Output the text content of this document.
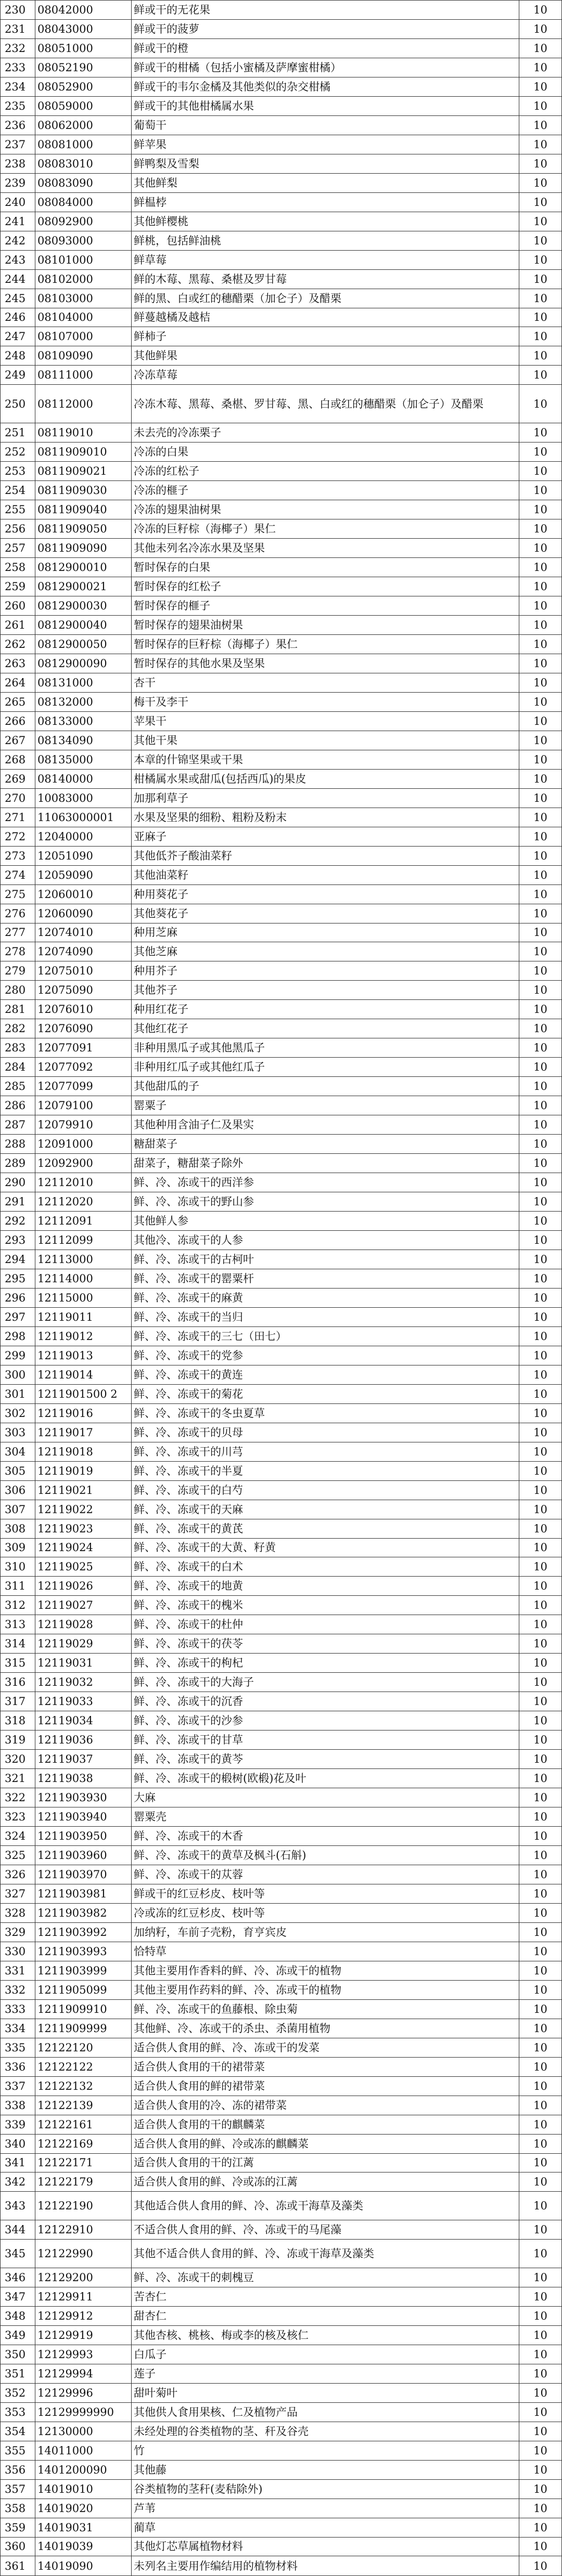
230	08042000	鲜或干的无花果	10
231	08043000	鲜或干的菠萝	10
232	08051000	鲜或干的橙	10
233	08052190	鲜或干的柑橘（包括小蜜橘及萨摩蜜柑橘）	10
234	08052900	鲜或干的韦尔金橘及其他类似的杂交柑橘	10
235	08059000	鲜或干的其他柑橘属水果	10
236	08062000	葡萄干	10
237	08081000	鲜苹果	10
238	08083010	鲜鸭梨及雪梨	10
239	08083090	其他鲜梨	10
240	08084000	鲜榅桲	10
241	08092900	其他鲜樱桃	10
242	08093000	鲜桃，包括鲜油桃	10
243	08101000	鲜草莓	10
244	08102000	鲜的木莓、黑莓、桑椹及罗甘莓	10
245	08103000	鲜的黑、白或红的穗醋栗（加仑子）及醋栗	10
246	08104000	鲜蔓越橘及越桔	10
247	08107000	鲜柿子	10
248	08109090	其他鲜果	10
249	08111000	冷冻草莓	10
250	08112000	冷冻木莓、黑莓、桑椹、罗甘莓、黑、白或红的穗醋栗（加仑子）及醋栗	10
251	08119010	未去壳的冷冻栗子	10
252	0811909010	冷冻的白果	10
253	0811909021	冷冻的红松子	10
254	0811909030	冷冻的榧子	10
255	0811909040	冷冻的翅果油树果	10
256	0811909050	冷冻的巨籽棕（海椰子）果仁	10
257	0811909090	其他未列名冷冻水果及坚果	10
258	0812900010	暂时保存的白果	10
259	0812900021	暂时保存的红松子	10
260	0812900030	暂时保存的榧子	10
261	0812900040	暂时保存的翅果油树果	10
262	0812900050	暂时保存的巨籽棕（海椰子）果仁	10
263	0812900090	暂时保存的其他水果及坚果	10
264	08131000	杏干	10
265	08132000	梅干及李干	10
266	08133000	苹果干	10
267	08134090	其他干果	10
268	08135000	本章的什锦坚果或干果	10
269	08140000	柑橘属水果或甜瓜(包括西瓜)的果皮	10
270	10083000	加那利草子	10
271	11063000001	水果及坚果的细粉、粗粉及粉末	10
272	12040000	亚麻子	10
273	12051090	其他低芥子酸油菜籽	10
274	12059090	其他油菜籽	10
275	12060010	种用葵花子	10
276	12060090	其他葵花子	10
277	12074010	种用芝麻	10
278	12074090	其他芝麻	10
279	12075010	种用芥子	10
280	12075090	其他芥子	10
281	12076010	种用红花子	10
282	12076090	其他红花子	10
283	12077091	非种用黑瓜子或其他黑瓜子	10
284	12077092	非种用红瓜子或其他红瓜子	10
285	12077099	其他甜瓜的子	10
286	12079100	罂粟子	10
287	12079910	其他种用含油子仁及果实	10
288	12091000	糖甜菜子	10
289	12092900	甜菜子，糖甜菜子除外	10
290	12112010	鲜、冷、冻或干的西洋参	10
291	12112020	鲜、冷、冻或干的野山参	10
292	12112091	其他鲜人参	10
293	12112099	其他冷、冻或干的人参	10
294	12113000	鲜、冷、冻或干的古柯叶	10
295	12114000	鲜、冷、冻或干的罂粟杆	10
296	12115000	鲜、冷、冻或干的麻黄	10
297	12119011	鲜、冷、冻或干的当归	10
298	12119012	鲜、冷、冻或干的三七（田七）	10
299	12119013	鲜、冷、冻或干的党参	10
300	12119014	鲜、冷、冻或干的黄连	10
301	1211901500 2	鲜、冷、冻或干的菊花	10
302	12119016	鲜、冷、冻或干的冬虫夏草	10
303	12119017	鲜、冷、冻或干的贝母	10
304	12119018	鲜、冷、冻或干的川芎	10
305	12119019	鲜、冷、冻或干的半夏	10
306	12119021	鲜、冷、冻或干的白芍	10
307	12119022	鲜、冷、冻或干的天麻	10
308	12119023	鲜、冷、冻或干的黄芪	10
309	12119024	鲜、冷、冻或干的大黄、籽黄	10
310	12119025	鲜、冷、冻或干的白术	10
311	12119026	鲜、冷、冻或干的地黄	10
312	12119027	鲜、冷、冻或干的槐米	10
313	12119028	鲜、冷、冻或干的杜仲	10
314	12119029	鲜、冷、冻或干的茯苓	10
315	12119031	鲜、冷、冻或干的枸杞	10
316	12119032	鲜、冷、冻或干的大海子	10
317	12119033	鲜、冷、冻或干的沉香	10
318	12119034	鲜、冷、冻或干的沙参	10
319	12119036	鲜、冷、冻或干的甘草	10
320	12119037	鲜、冷、冻或干的黄芩	10
321	12119038	鲜、冷、冻或干的椴树(欧椴)花及叶	10
322	1211903930	大麻	10
323	1211903940	罂粟壳	10
324	1211903950	鲜、冷、冻或干的木香	10
325	1211903960	鲜、冷、冻或干的黄草及枫斗(石斛)	10
326	1211903970	鲜、冷、冻或干的苁蓉	10
327	1211903981	鲜或干的红豆杉皮、枝叶等	10
328	1211903982	冷或冻的红豆杉皮、枝叶等	10
329	1211903992	加纳籽，车前子壳粉，育亨宾皮	10
330	1211903993	恰特草	10
331	1211903999	其他主要用作香料的鲜、冷、冻或干的植物	10
332	1211905099	其他主要用作药料的鲜、冷、冻或干的植物	10
333	1211909910	鲜、冷、冻或干的鱼藤根、除虫菊	10
334	1211909999	其他鲜、冷、冻或干的杀虫、杀菌用植物	10
335	12122120	适合供人食用的鲜、冷、冻或干的发菜	10
336	12122122	适合供人食用的干的裙带菜	10
337	12122132	适合供人食用的鲜的裙带菜	10
338	12122139	适合供人食用的冷、冻的裙带菜	10
339	12122161	适合供人食用的干的麒麟菜	10
340	12122169	适合供人食用的鲜、冷或冻的麒麟菜	10
341	12122171	适合供人食用的干的江蓠	10
342	12122179	适合供人食用的鲜、冷或冻的江蓠	10
343	12122190	其他适合供人食用的鲜、冷、冻或干海草及藻类	10
344	12122910	不适合供人食用的鲜、冷、冻或干的马尾藻	10
345	12122990	其他不适合供人食用的鲜、冷、冻或干海草及藻类	10
346	12129200	鲜、冷、冻或干的刺槐豆	10
347	12129911	苦杏仁	10
348	12129912	甜杏仁	10
349	12129919	其他杏核、桃核、梅或李的核及核仁	10
350	12129993	白瓜子	10
351	12129994	莲子	10
352	12129996	甜叶菊叶	10
353	12129999990	其他供人食用果核、仁及植物产品	10
354	12130000	未经处理的谷类植物的茎、秆及谷壳	10
355	14011000	竹	10
356	1401200090	其他藤	10
357	14019010	谷类植物的茎秆(麦秸除外)	10
358	14019020	芦苇	10
359	14019031	蔺草	10
360	14019039	其他灯芯草属植物材料	10
361	14019090	未列名主要用作编结用的植物材料	10
